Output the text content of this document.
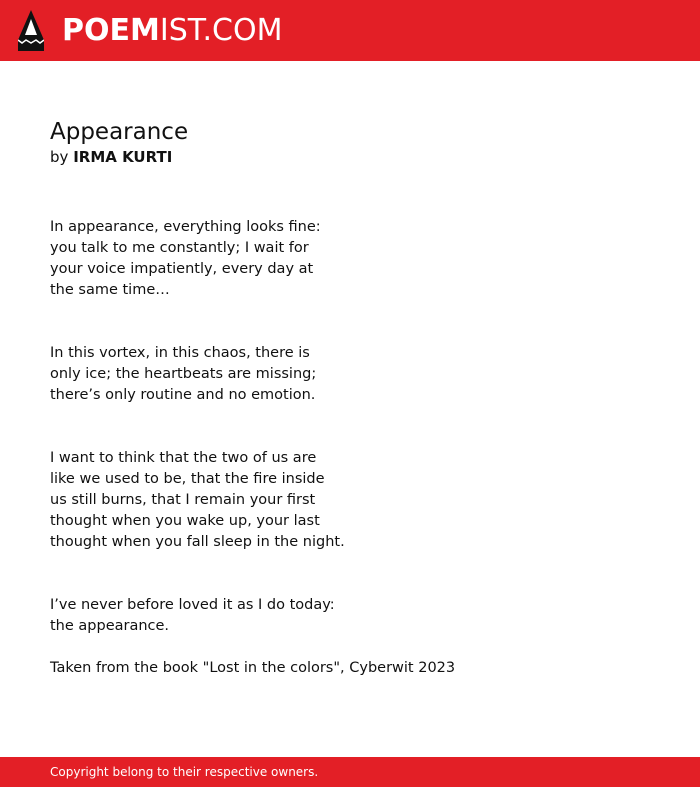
POEMIST.COM
Appearance

by IRMA KURTI

In appearance, everything looks fine:
you talk to me constantly; I wait for
your voice impatiently, every day at
the same time…
In this vortex, in this chaos, there is
only ice; the heartbeats are missing;
there’s only routine and no emotion.
I want to think that the two of us are
like we used to be, that the fire inside
us still burns, that I remain your first
thought when you wake up, your last
thought when you fall sleep in the night.
I’ve never before loved it as I do today:
the appearance.

Taken from the book "Lost in the colors", Cyberwit 2023

Copyright belong to their respective owners.
